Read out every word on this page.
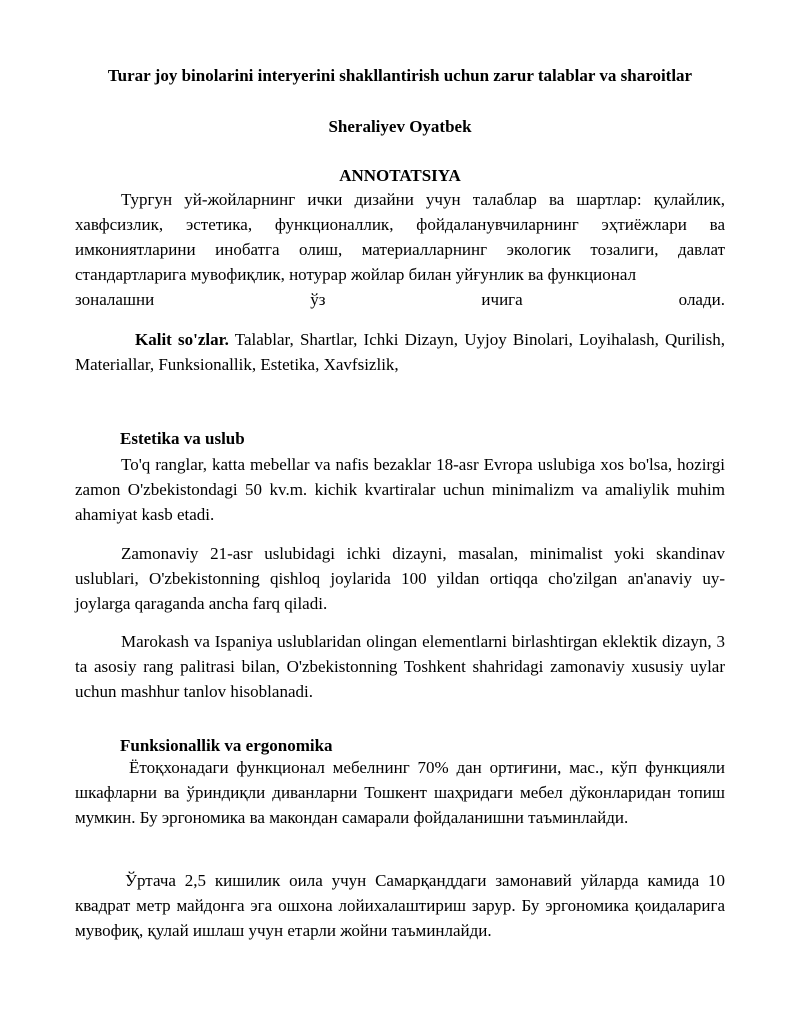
Turar joy binolarini interyerini shakllantirish uchun zarur talablar va sharoitlar
Sheraliyev Oyatbek
ANNOTATSIYA
Тургун уй-жойларнинг ички дизайни учун талаблар ва шартлар: қулайлик, хавфсизлик, эстетика, функционаллик, фойдаланувчиларнинг эҳтиёжлари ва имкониятларини инобатга олиш, материалларнинг экологик тозалиги, давлат стандартларига мувофиқлик, нотурар жойлар билан уйғунлик ва функционал
зоналашни	ўз	ичига	олади.
Kalit so'zlar. Talablar, Shartlar, Ichki Dizayn, Uyjoy Binolari, Loyihalash, Qurilish, Materiallar, Funksionallik, Estetika, Xavfsizlik,
Estetika va uslub
To'q ranglar, katta mebellar va nafis bezaklar 18-asr Evropa uslubiga xos bo'lsa, hozirgi zamon O'zbekistondagi 50 kv.m. kichik kvartiralar uchun minimalizm va amaliylik muhim ahamiyat kasb etadi.
Zamonaviy 21-asr uslubidagi ichki dizayni, masalan, minimalist yoki skandinav uslublari, O'zbekistonning qishloq joylarida 100 yildan ortiqqa cho'zilgan an'anaviy uy-joylarga qaraganda ancha farq qiladi.
Marokash va Ispaniya uslublaridan olingan elementlarni birlashtirgan eklektik dizayn, 3 ta asosiy rang palitrasi bilan, O'zbekistonning Toshkent shahridagi zamonaviy xususiy uylar uchun mashhur tanlov hisoblanadi.
Funksionallik va ergonomika
Ётоқхонадаги функционал мебелнинг 70% дан ортиғини, мас., кўп функцияли шкафларни ва ўриндиқли диванларни Тошкент шаҳридаги мебел дўконларидан топиш мумкин. Бу эргономика ва макондан самарали фойдаланишни таъминлайди.
Ўртача 2,5 кишилик оила учун Самарқанддаги замонавий уйларда камида 10 квадрат метр майдонга эга ошхона лойихалаштириш зарур. Бу эргономика қоидаларига мувофиқ, қулай ишлаш учун етарли жойни таъминлайди.
